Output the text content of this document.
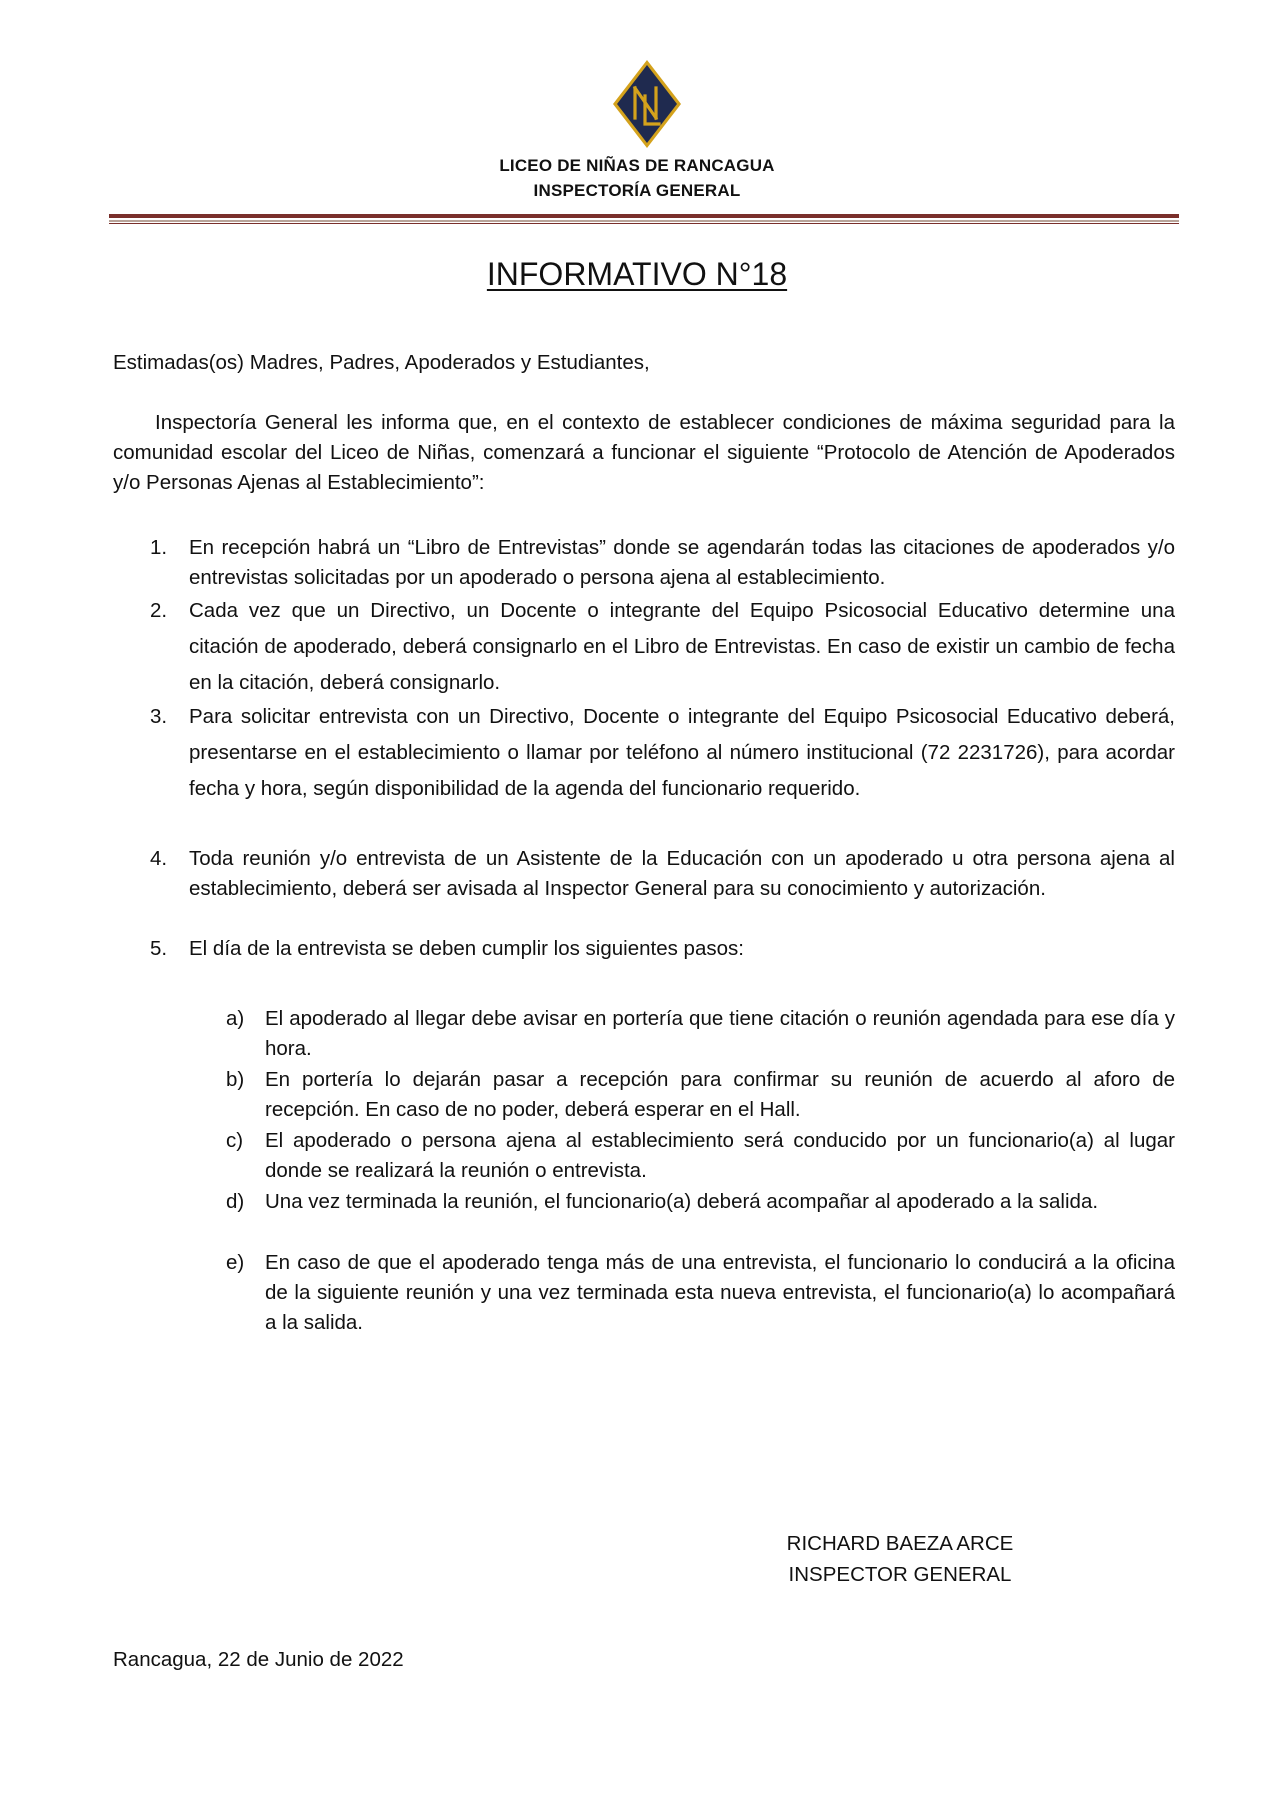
LICEO DE NIÑAS DE RANCAGUA
INSPECTORÍA GENERAL
INFORMATIVO N°18
Estimadas(os) Madres, Padres, Apoderados y Estudiantes,
Inspectoría General les informa que, en el contexto de establecer condiciones de máxima seguridad para la comunidad escolar del Liceo de Niñas, comenzará a funcionar el siguiente “Protocolo de Atención de Apoderados y/o Personas Ajenas al Establecimiento”:
1.	En recepción habrá un “Libro de Entrevistas” donde se agendarán todas las citaciones de apoderados y/o entrevistas solicitadas por un apoderado o persona ajena al establecimiento.
2.	Cada vez que un Directivo, un Docente o integrante del Equipo Psicosocial Educativo determine una citación de apoderado, deberá consignarlo en el Libro de Entrevistas. En caso de existir un cambio de fecha en la citación, deberá consignarlo.
3.	Para solicitar entrevista con un Directivo, Docente o integrante del Equipo Psicosocial Educativo deberá, presentarse en el establecimiento o llamar por teléfono al número institucional (72 2231726), para acordar fecha y hora, según disponibilidad de la agenda del funcionario requerido.
4.	Toda reunión y/o entrevista de un Asistente de la Educación con un apoderado u otra persona ajena al establecimiento, deberá ser avisada al Inspector General para su conocimiento y autorización.
5.	El día de la entrevista se deben cumplir los siguientes pasos:
a)	El apoderado al llegar debe avisar en portería que tiene citación o reunión agendada para ese día y hora.
b)	En portería lo dejarán pasar a recepción para confirmar su reunión de acuerdo al aforo de recepción. En caso de no poder, deberá esperar en el Hall.
c)	El apoderado o persona ajena al establecimiento será conducido por un funcionario(a) al lugar donde se realizará la reunión o entrevista.
d)	Una vez terminada la reunión, el funcionario(a) deberá acompañar al apoderado a la salida.
e)	En caso de que el apoderado tenga más de una entrevista, el funcionario lo conducirá a la oficina de la siguiente reunión y una vez terminada esta nueva entrevista, el funcionario(a) lo acompañará a la salida.
RICHARD BAEZA ARCE
INSPECTOR GENERAL
Rancagua, 22 de Junio de 2022
